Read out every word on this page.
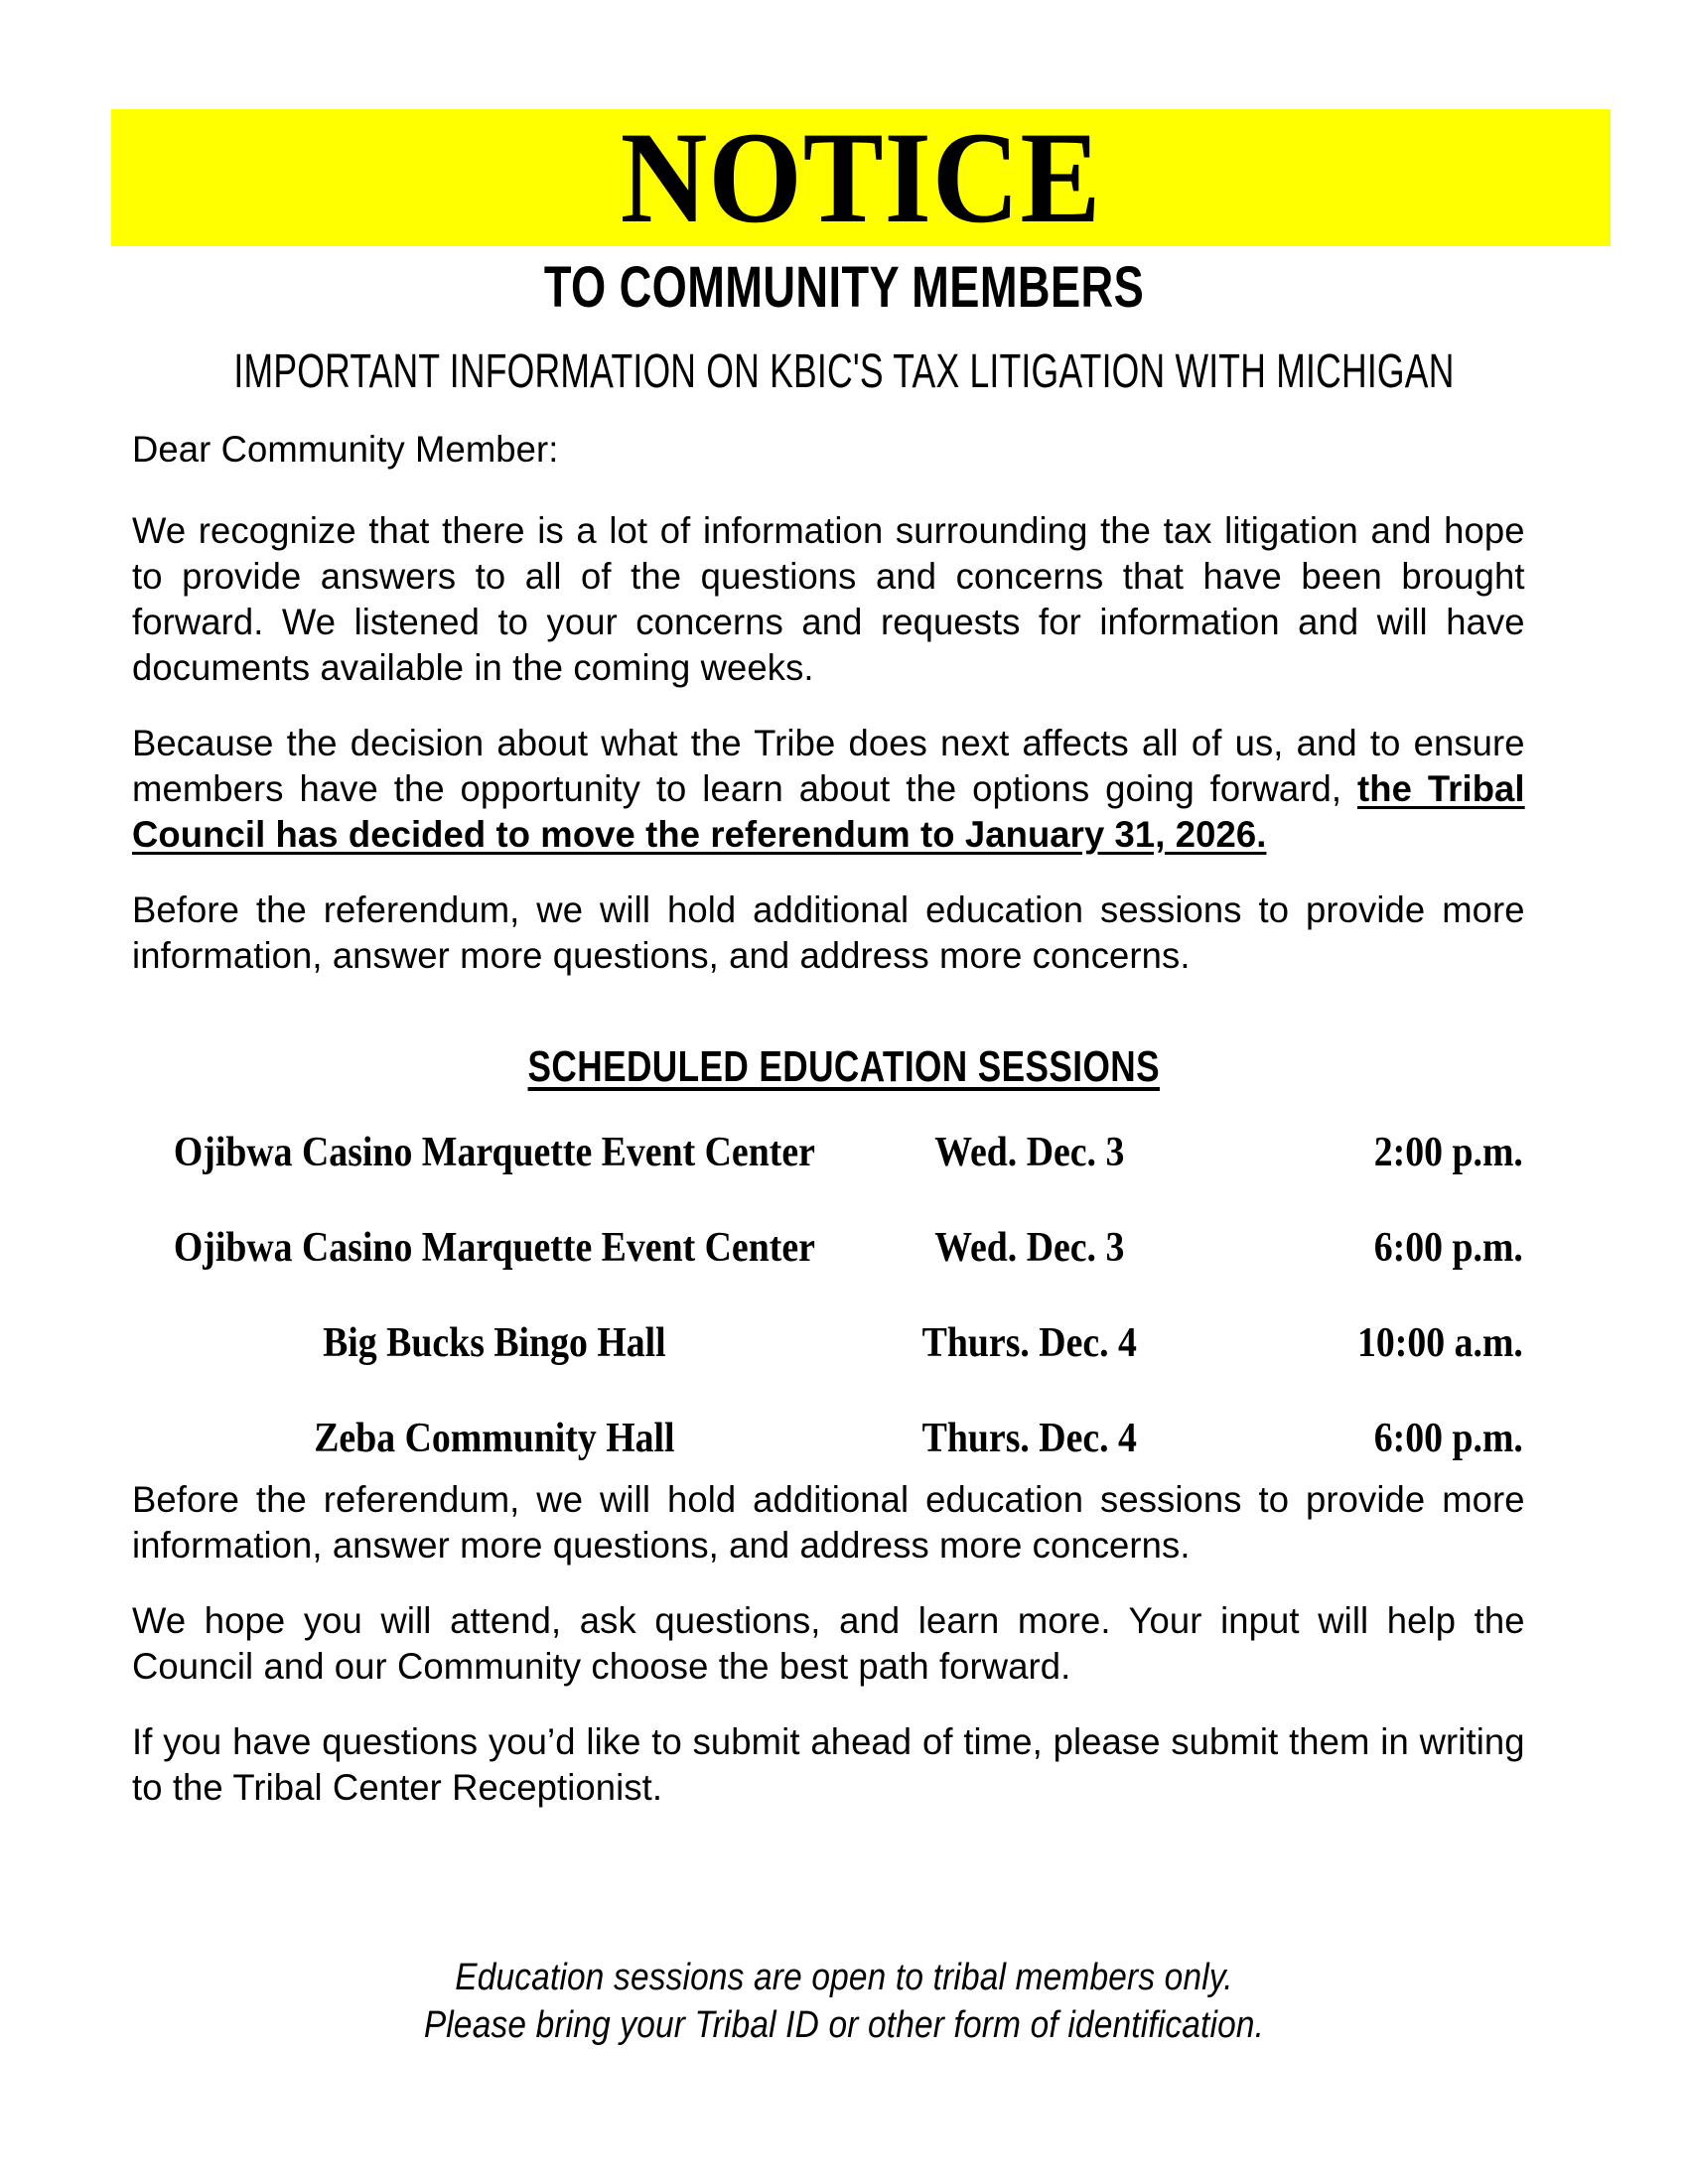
NOTICE
TO COMMUNITY MEMBERS
IMPORTANT INFORMATION ON KBIC'S TAX LITIGATION WITH MICHIGAN

Dear Community Member:

We recognize that there is a lot of information surrounding the tax litigation and hope to provide answers to all of the questions and concerns that have been brought forward. We listened to your concerns and requests for information and will have documents available in the coming weeks.

Because the decision about what the Tribe does next affects all of us, and to ensure members have the opportunity to learn about the options going forward, the Tribal Council has decided to move the referendum to January 31, 2026.

Before the referendum, we will hold additional education sessions to provide more information, answer more questions, and address more concerns.

SCHEDULED EDUCATION SESSIONS
Ojibwa Casino Marquette Event Center	Wed. Dec. 3	2:00 p.m.
Ojibwa Casino Marquette Event Center	Wed. Dec. 3	6:00 p.m.
Big Bucks Bingo Hall	Thurs. Dec. 4	10:00 a.m.
Zeba Community Hall	Thurs. Dec. 4	6:00 p.m.

Before the referendum, we will hold additional education sessions to provide more information, answer more questions, and address more concerns.

We hope you will attend, ask questions, and learn more. Your input will help the Council and our Community choose the best path forward.

If you have questions you’d like to submit ahead of time, please submit them in writing to the Tribal Center Receptionist.

Education sessions are open to tribal members only.
Please bring your Tribal ID or other form of identification.
